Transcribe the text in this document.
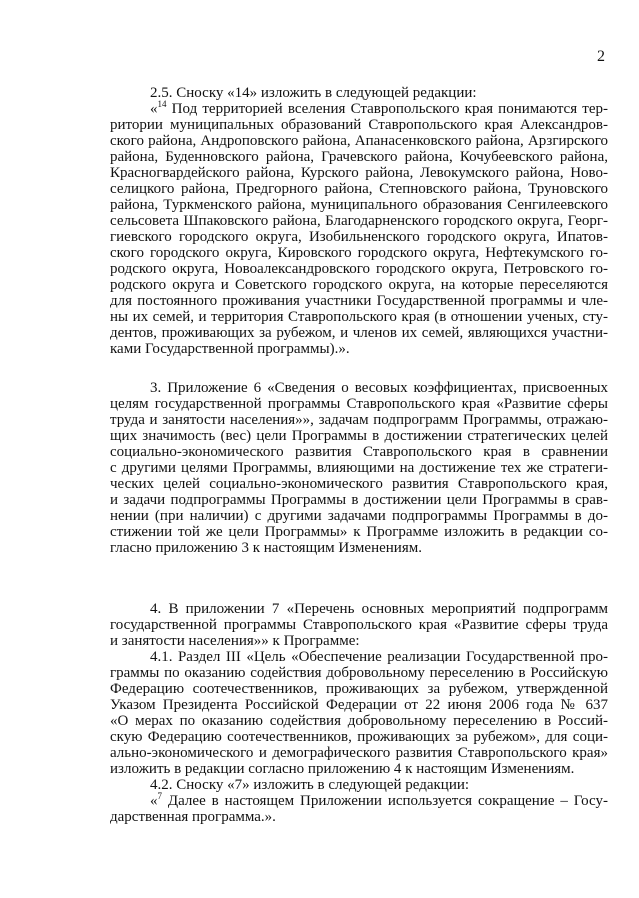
2
2.5. Сноску «14» изложить в следующей редакции:
«$^{14}$ Под территорией вселения Ставропольского края понимаются тер-
ритории муниципальных образований Ставропольского края Александров-
ского района, Андроповского района, Апанасенковского района, Арзгирского
района, Буденновского района, Грачевского района, Кочубеевского района,
Красногвардейского района, Курского района, Левокумского района, Ново-
селицкого района, Предгорного района, Степновского района, Труновского
района, Туркменского района, муниципального образования Сенгилеевского
сельсовета Шпаковского района, Благодарненского городского округа, Георг-
гиевского городского округа, Изобильненского городского округа, Ипатов-
ского городского округа, Кировского городского округа, Нефтекумского го-
родского округа, Новоалександровского городского округа, Петровского го-
родского округа и Советского городского округа, на которые переселяются
для постоянного проживания участники Государственной программы и чле-
ны их семей, и территория Ставропольского края (в отношении ученых, сту-
дентов, проживающих за рубежом, и членов их семей, являющихся участни-
ками Государственной программы).».
3. Приложение 6 «Сведения о весовых коэффициентах, присвоенных
целям государственной программы Ставропольского края «Развитие сферы
труда и занятости населения»», задачам подпрограмм Программы, отражаю-
щих значимость (вес) цели Программы в достижении стратегических целей
социально-экономического развития Ставропольского края в сравнении
с другими целями Программы, влияющими на достижение тех же стратеги-
ческих целей социально-экономического развития Ставропольского края,
и задачи подпрограммы Программы в достижении цели Программы в срав-
нении (при наличии) с другими задачами подпрограммы Программы в до-
стижении той же цели Программы» к Программе изложить в редакции со-
гласно приложению 3 к настоящим Изменениям.
4. В приложении 7 «Перечень основных мероприятий подпрограмм
государственной программы Ставропольского края «Развитие сферы труда
и занятости населения»» к Программе:
4.1. Раздел III «Цель «Обеспечение реализации Государственной про-
граммы по оказанию содействия добровольному переселению в Российскую
Федерацию соотечественников, проживающих за рубежом, утвержденной
Указом Президента Российской Федерации от 22 июня 2006 года № 637
«О мерах по оказанию содействия добровольному переселению в Россий-
скую Федерацию соотечественников, проживающих за рубежом», для соци-
ально-экономического и демографического развития Ставропольского края»
изложить в редакции согласно приложению 4 к настоящим Изменениям.
4.2. Сноску «7» изложить в следующей редакции:
«$^7$ Далее в настоящем Приложении используется сокращение – Госу-
дарственная программа.».
